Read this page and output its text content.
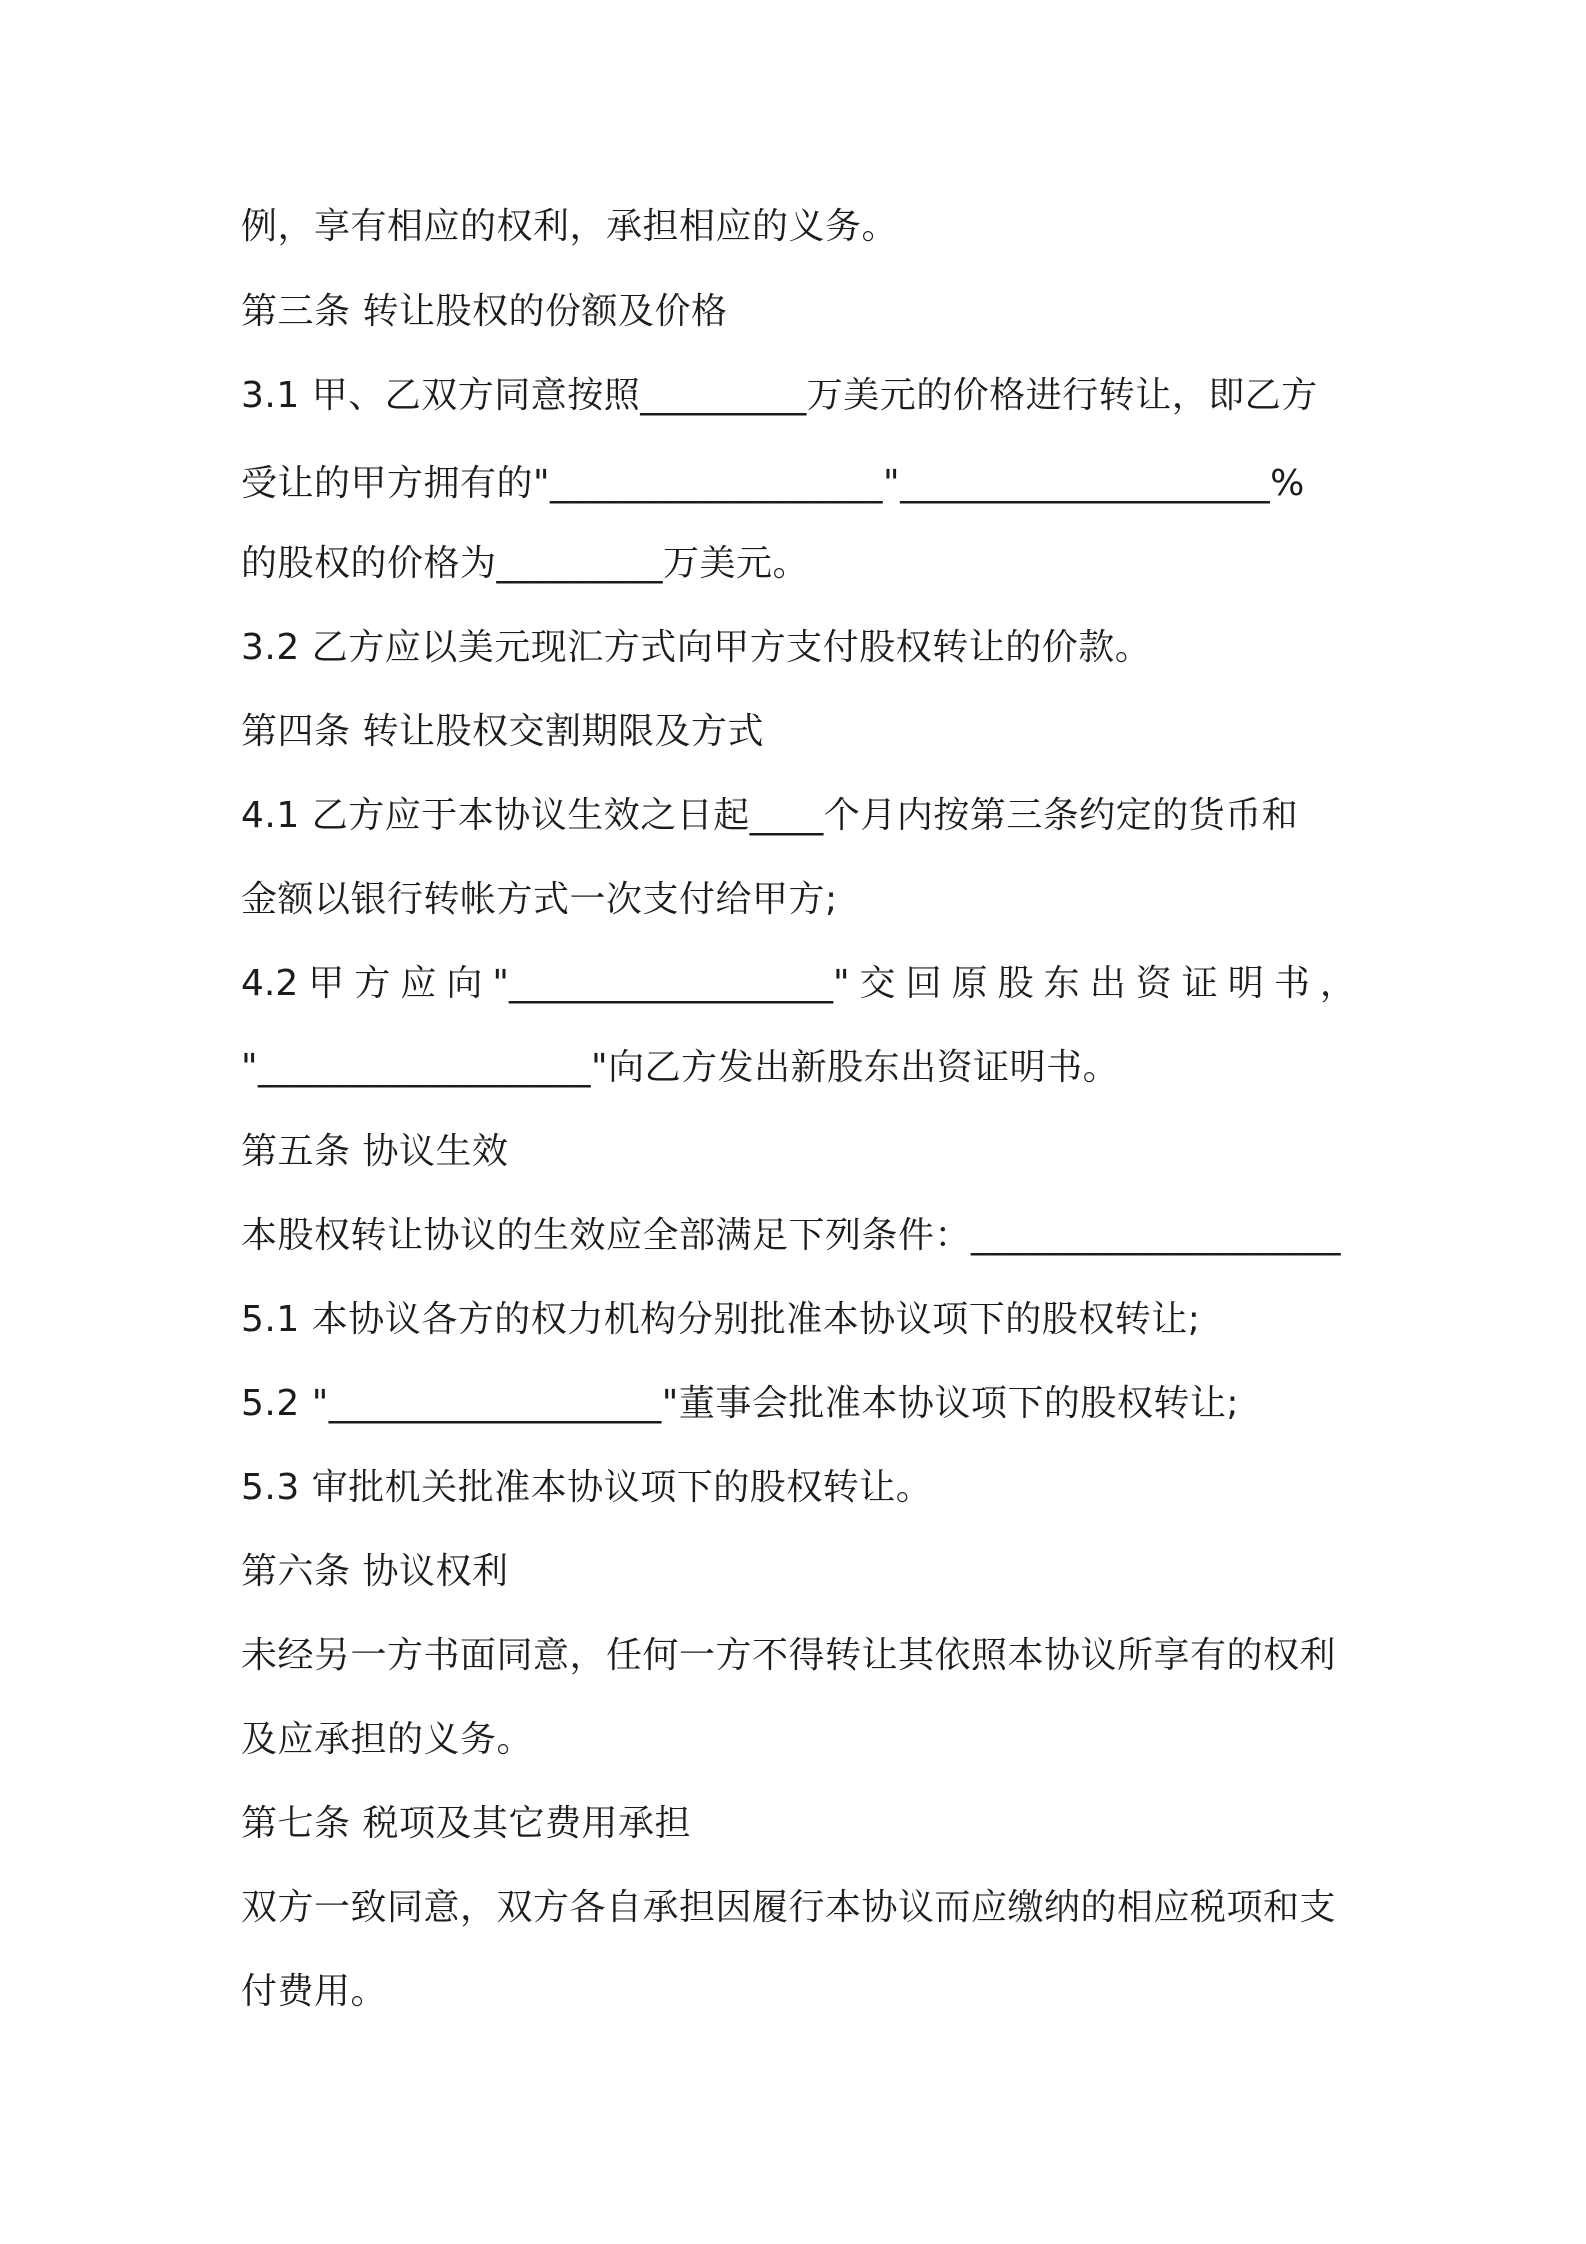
例，享有相应的权利，承担相应的义务。
第三条 转让股权的份额及价格
3.1 甲、乙双方同意按照_________万美元的价格进行转让，即乙方
受让的甲方拥有的"__________________"____________________%
的股权的价格为_________万美元。
3.2 乙方应以美元现汇方式向甲方支付股权转让的价款。
第四条 转让股权交割期限及方式
4.1 乙方应于本协议生效之日起____个月内按第三条约定的货币和
金额以银行转帐方式一次支付给甲方;
4.2 甲 方 应 向 "__________________" 交 回 原 股 东 出 资 证 明 书 ，
"__________________"向乙方发出新股东出资证明书。
第五条 协议生效
本股权转让协议的生效应全部满足下列条件：____________________
5.1 本协议各方的权力机构分别批准本协议项下的股权转让;
5.2 "__________________"董事会批准本协议项下的股权转让;
5.3 审批机关批准本协议项下的股权转让。
第六条 协议权利
未经另一方书面同意，任何一方不得转让其依照本协议所享有的权利
及应承担的义务。
第七条 税项及其它费用承担
双方一致同意，双方各自承担因履行本协议而应缴纳的相应税项和支
付费用。
